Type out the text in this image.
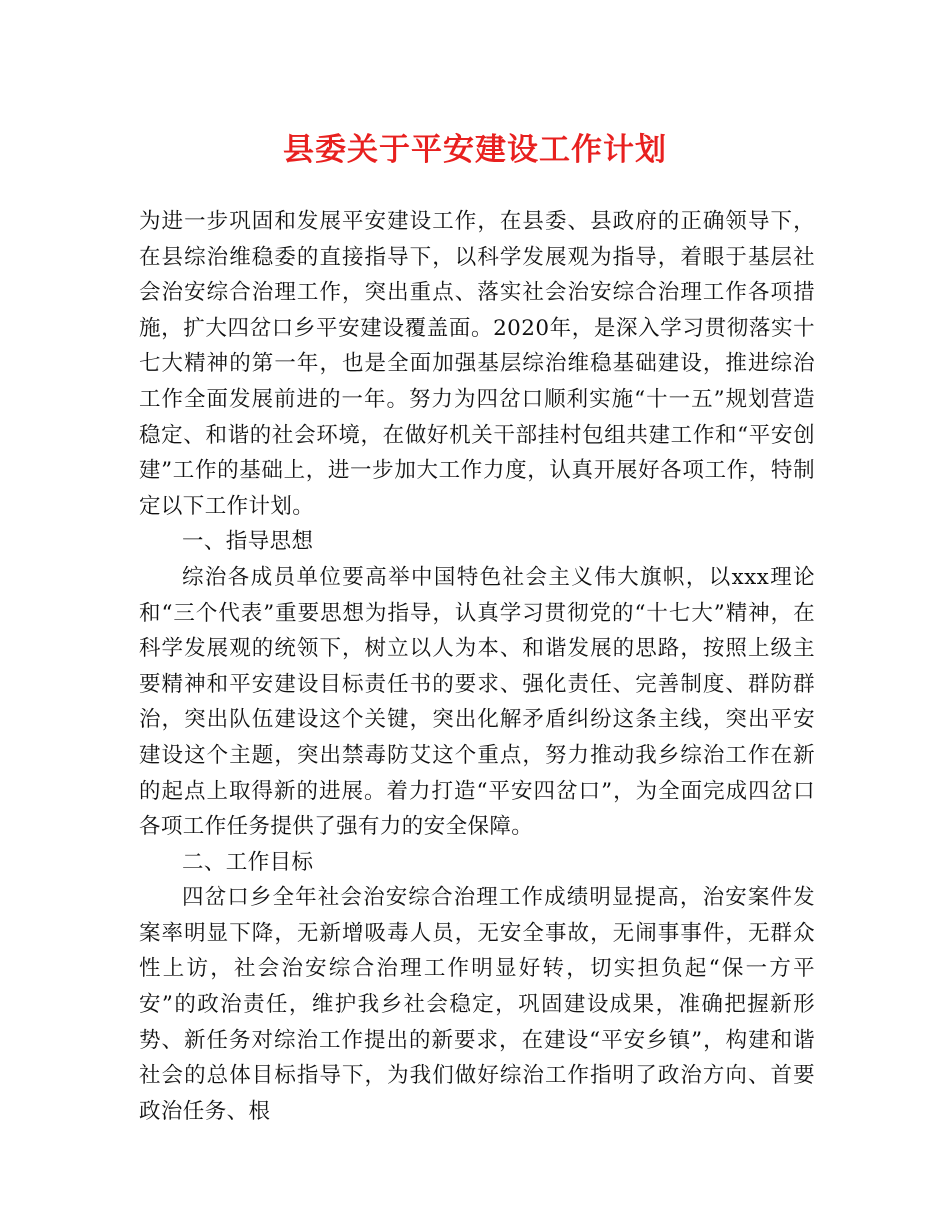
县委关于平安建设工作计划

为进一步巩固和发展平安建设工作，在县委、县政府的正确领导下，在县综治维稳委的直接指导下，以科学发展观为指导，着眼于基层社会治安综合治理工作，突出重点、落实社会治安综合治理工作各项措施，扩大四岔口乡平安建设覆盖面。2020年，是深入学习贯彻落实十七大精神的第一年，也是全面加强基层综治维稳基础建设，推进综治工作全面发展前进的一年。努力为四岔口顺利实施“十一五”规划营造稳定、和谐的社会环境，在做好机关干部挂村包组共建工作和“平安创建”工作的基础上，进一步加大工作力度，认真开展好各项工作，特制定以下工作计划。

一、指导思想

综治各成员单位要高举中国特色社会主义伟大旗帜，以xxx理论和“三个代表”重要思想为指导，认真学习贯彻党的“十七大”精神，在科学发展观的统领下，树立以人为本、和谐发展的思路，按照上级主要精神和平安建设目标责任书的要求、强化责任、完善制度、群防群治，突出队伍建设这个关键，突出化解矛盾纠纷这条主线，突出平安建设这个主题，突出禁毒防艾这个重点，努力推动我乡综治工作在新的起点上取得新的进展。着力打造“平安四岔口”，为全面完成四岔口各项工作任务提供了强有力的安全保障。

二、工作目标

四岔口乡全年社会治安综合治理工作成绩明显提高，治安案件发案率明显下降，无新增吸毒人员，无安全事故，无闹事事件，无群众性上访，社会治安综合治理工作明显好转，切实担负起“保一方平安”的政治责任，维护我乡社会稳定，巩固建设成果，准确把握新形势、新任务对综治工作提出的新要求，在建设“平安乡镇”，构建和谐社会的总体目标指导下，为我们做好综治工作指明了政治方向、首要政治任务、根
